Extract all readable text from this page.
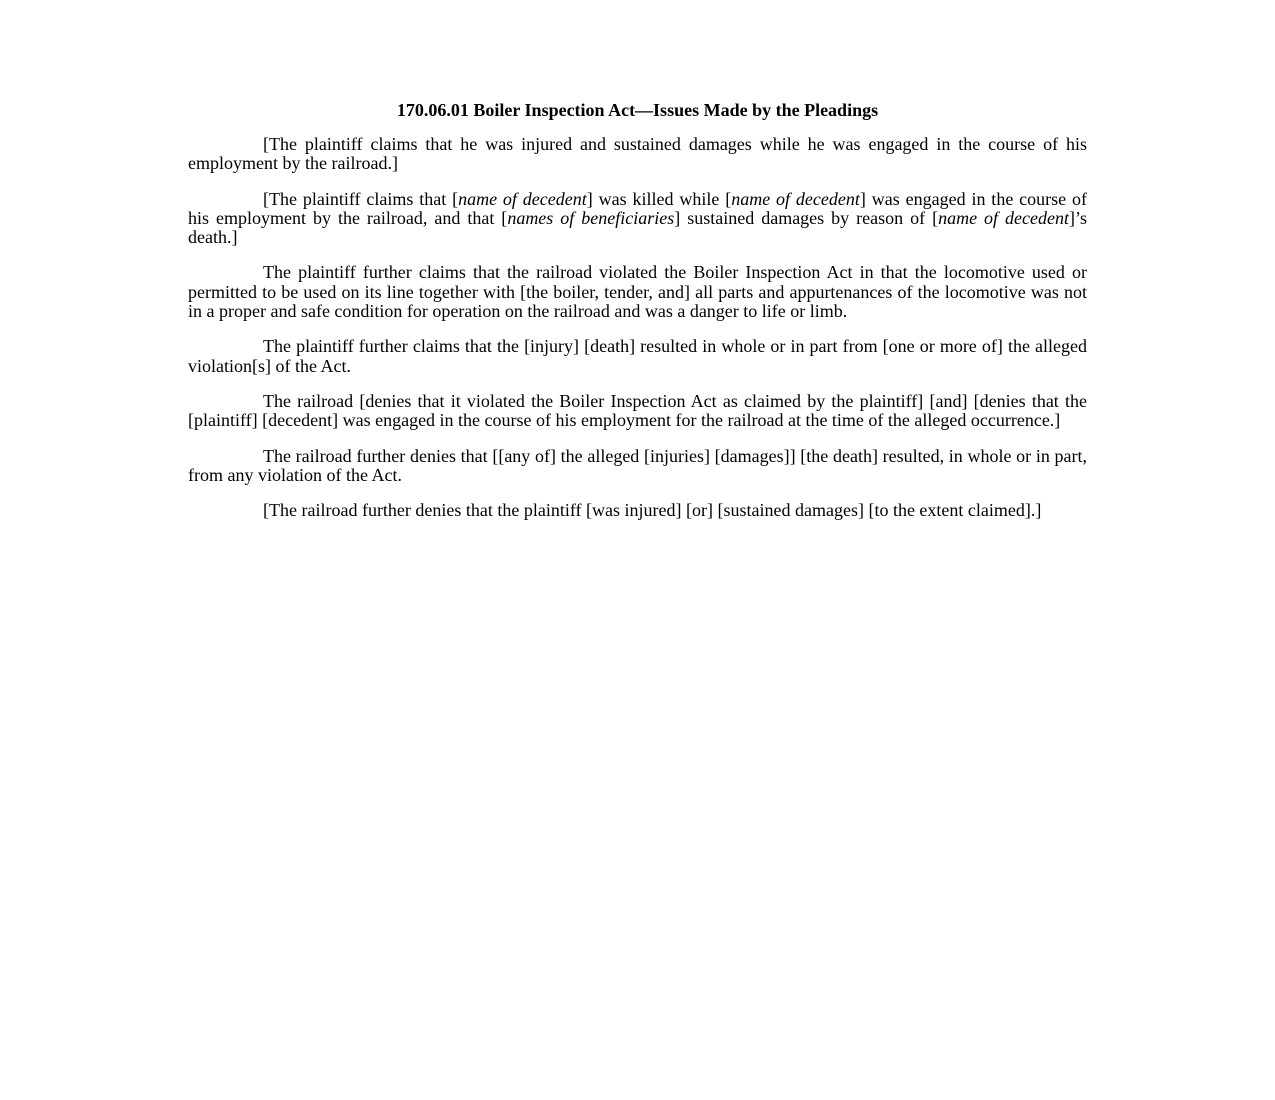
170.06.01 Boiler Inspection Act—Issues Made by the Pleadings

[The plaintiff claims that he was injured and sustained damages while he was engaged in the course of his employment by the railroad.]

[The plaintiff claims that [name of decedent] was killed while [name of decedent] was engaged in the course of his employment by the railroad, and that [names of beneficiaries] sustained damages by reason of [name of decedent]’s death.]

The plaintiff further claims that the railroad violated the Boiler Inspection Act in that the locomotive used or permitted to be used on its line together with [the boiler, tender, and] all parts and appurtenances of the locomotive was not in a proper and safe condition for operation on the railroad and was a danger to life or limb.

The plaintiff further claims that the [injury] [death] resulted in whole or in part from [one or more of] the alleged violation[s] of the Act.

The railroad [denies that it violated the Boiler Inspection Act as claimed by the plaintiff] [and] [denies that the [plaintiff] [decedent] was engaged in the course of his employment for the railroad at the time of the alleged occurrence.]

The railroad further denies that [[any of] the alleged [injuries] [damages]] [the death] resulted, in whole or in part, from any violation of the Act.

[The railroad further denies that the plaintiff [was injured] [or] [sustained damages] [to the extent claimed].]
